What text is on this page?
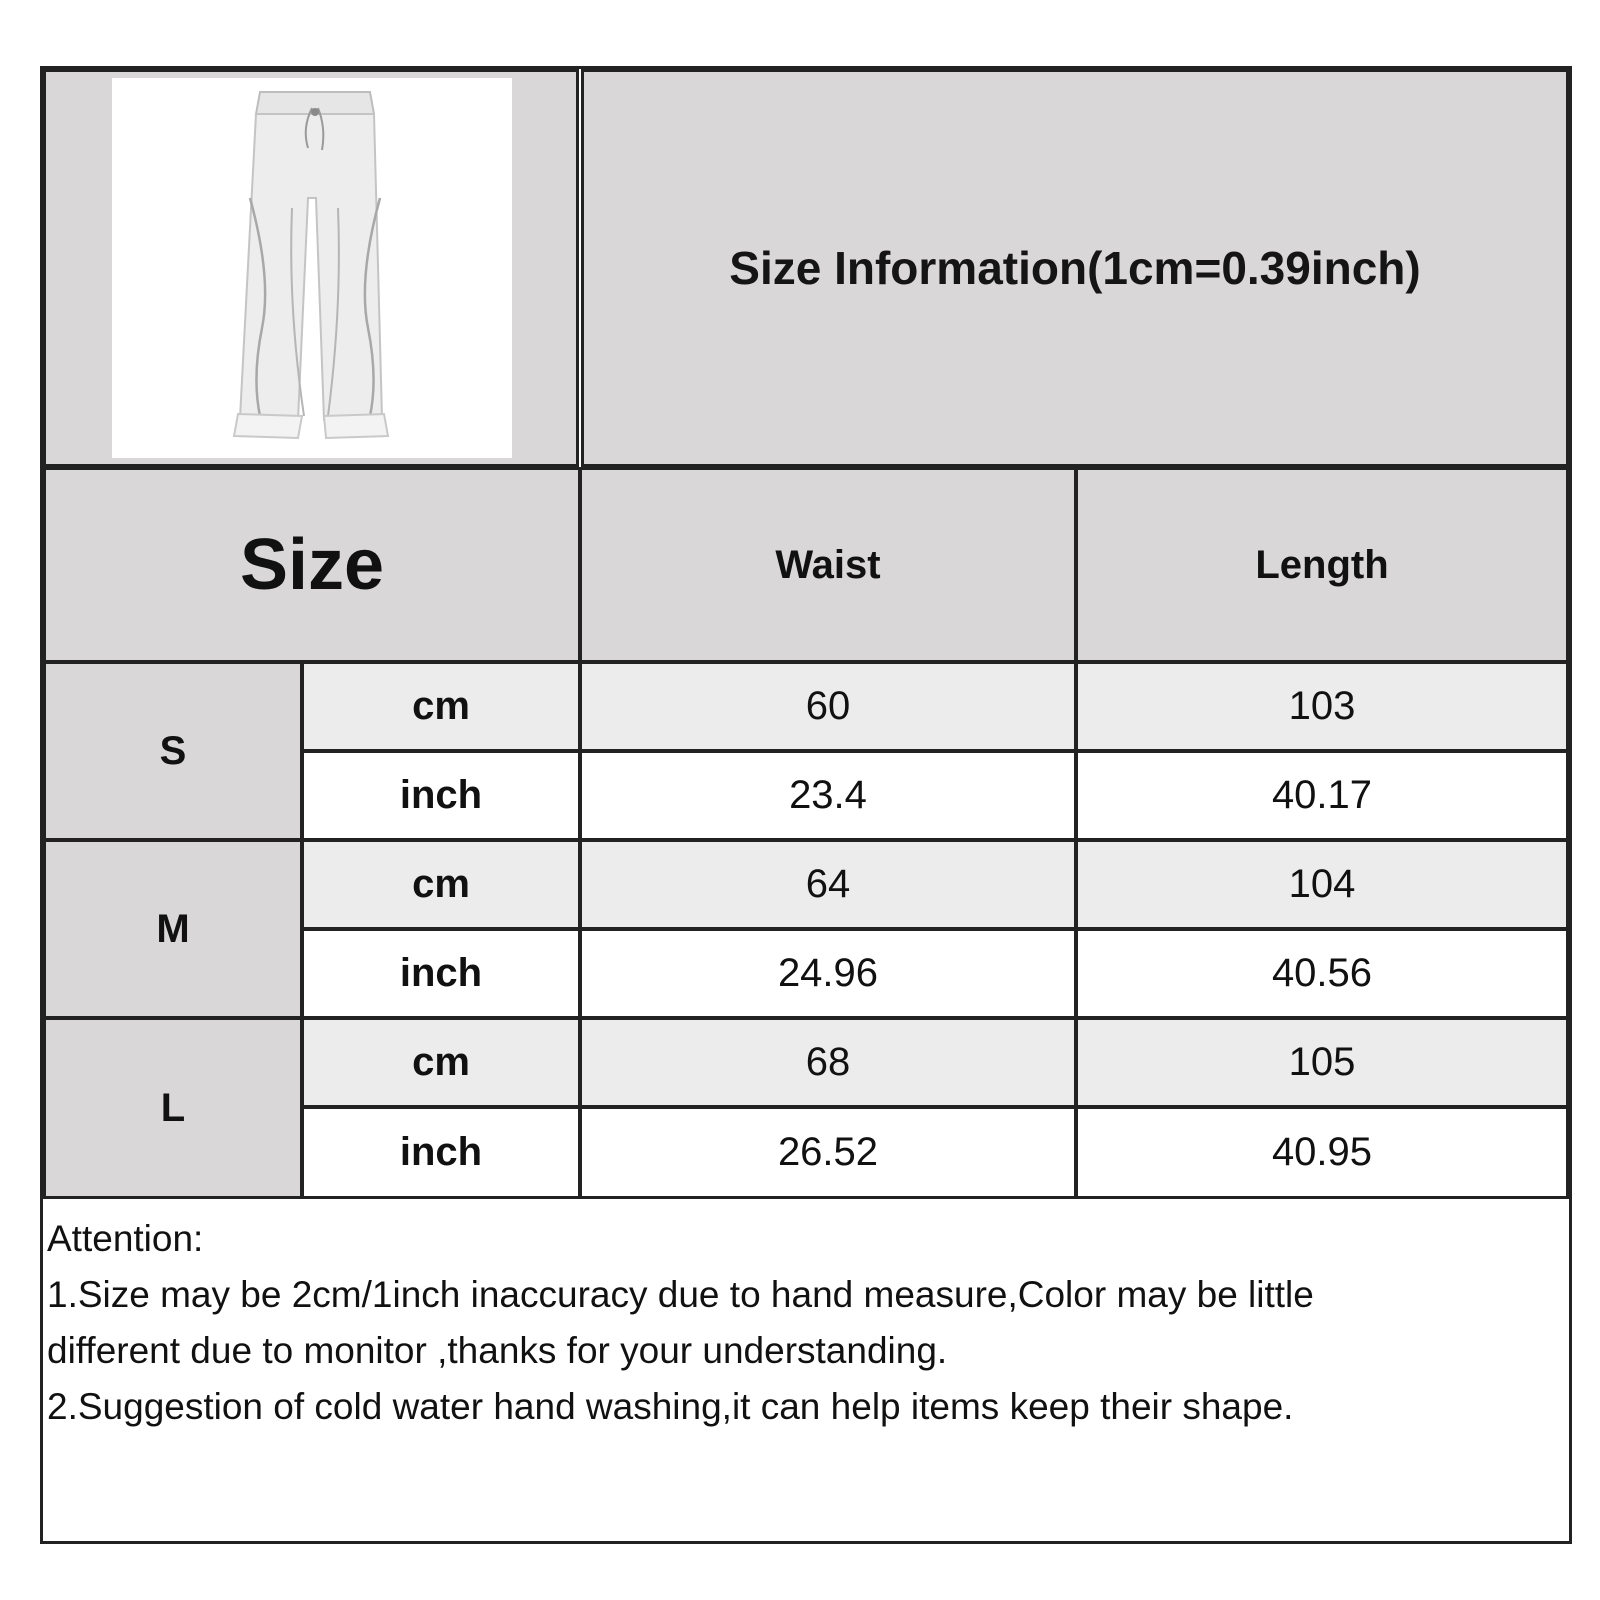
Size Information(1cm=0.39inch)
Size	Waist	Length
S
cm	60	103
inch	23.4	40.17
M
cm	64	104
inch	24.96	40.56
L
cm	68	105
inch	26.52	40.95
Attention:
1.Size may be 2cm/1inch inaccuracy due to hand measure,Color may be little
different due to monitor ,thanks for your understanding.
2.Suggestion of cold water hand washing,it can help items keep their shape.
